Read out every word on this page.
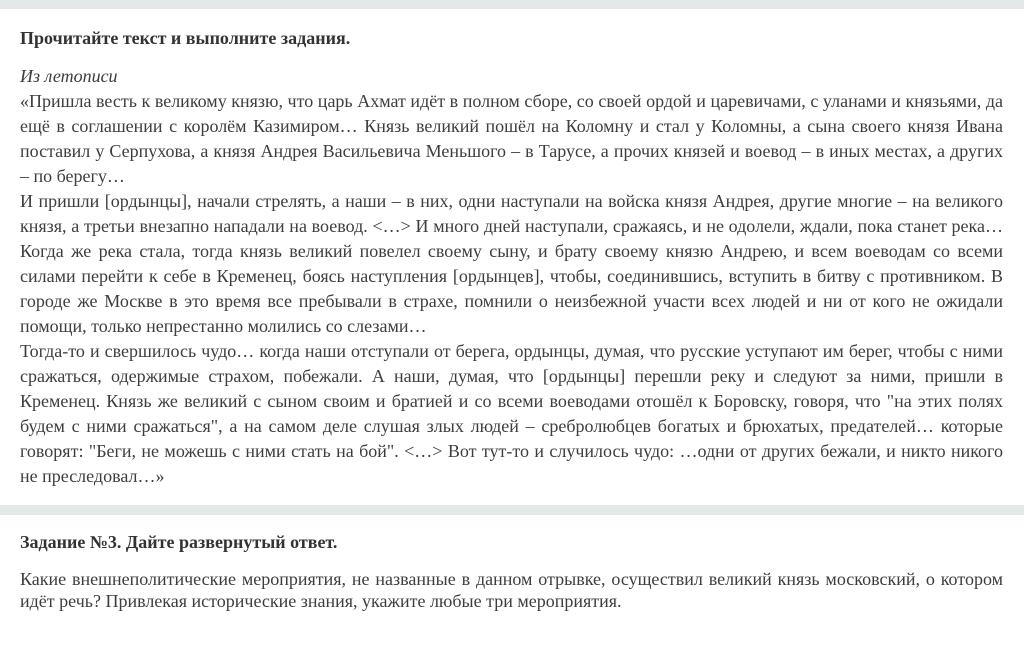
Прочитайте текст и выполните задания.

Из летописи

«Пришла весть к великому князю, что царь Ахмат идёт в полном сборе, со своей ордой и царевичами, с уланами и князьями, да ещё в соглашении с королём Казимиром… Князь великий пошёл на Коломну и стал у Коломны, а сына своего князя Ивана поставил у Серпухова, а князя Андрея Васильевича Меньшого – в Тарусе, а прочих князей и воевод – в иных местах, а других – по берегу…

И пришли [ордынцы], начали стрелять, а наши – в них, одни наступали на войска князя Андрея, другие многие – на великого князя, а третьи внезапно нападали на воевод. <…> И много дней наступали, сражаясь, и не одолели, ждали, пока станет река… Когда же река стала, тогда князь великий повелел своему сыну, и брату своему князю Андрею, и всем воеводам со всеми силами перейти к себе в Кременец, боясь наступления [ордынцев], чтобы, соединившись, вступить в битву с противником. В городе же Москве в это время все пребывали в страхе, помнили о неизбежной участи всех людей и ни от кого не ожидали помощи, только непрестанно молились со слезами…

Тогда-то и свершилось чудо… когда наши отступали от берега, ордынцы, думая, что русские уступают им берег, чтобы с ними сражаться, одержимые страхом, побежали. А наши, думая, что [ордынцы] перешли реку и следуют за ними, пришли в Кременец. Князь же великий с сыном своим и братией и со всеми воеводами отошёл к Боровску, говоря, что "на этих полях будем с ними сражаться", а на самом деле слушая злых людей – сребролюбцев богатых и брюхатых, предателей… которые говорят: "Беги, не можешь с ними стать на бой". <…> Вот тут-то и случилось чудо: …одни от других бежали, и никто никого не преследовал…»

Задание №3. Дайте развернутый ответ.

Какие внешнеполитические мероприятия, не названные в данном отрывке, осуществил великий князь московский, о котором идёт речь? Привлекая исторические знания, укажите любые три мероприятия.
